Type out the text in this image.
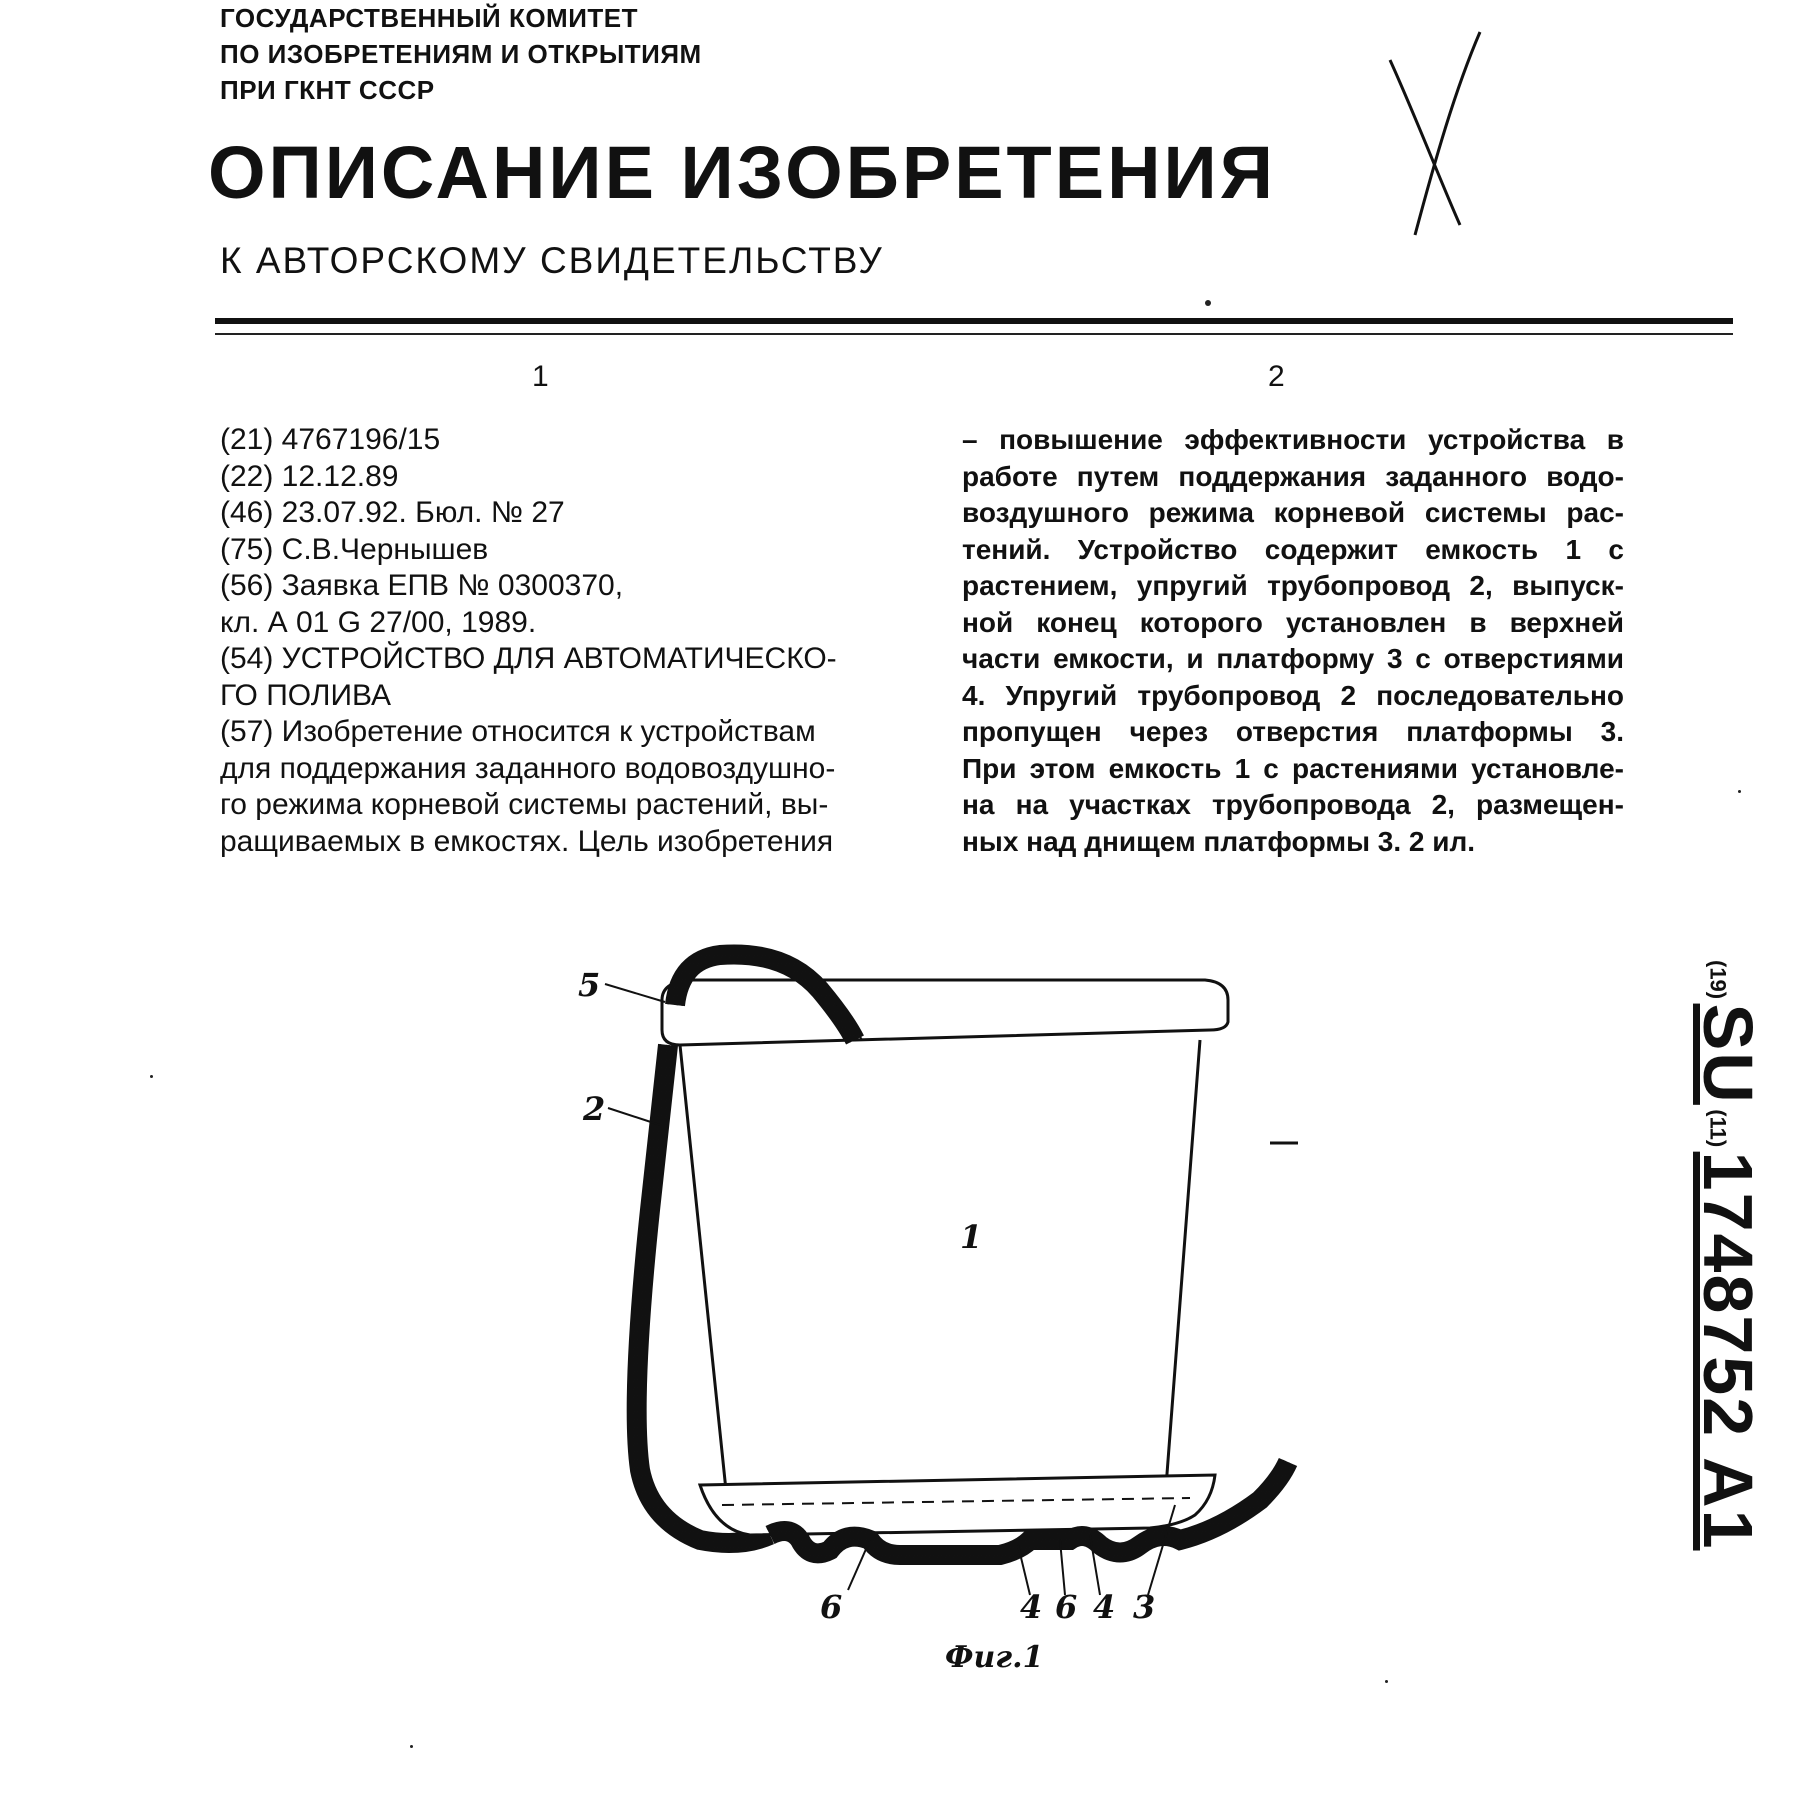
ГОСУДАРСТВЕННЫЙ КОМИТЕТ
ПО ИЗОБРЕТЕНИЯМ И ОТКРЫТИЯМ
ПРИ ГКНТ СССР
ОПИСАНИЕ ИЗОБРЕТЕНИЯ
К АВТОРСКОМУ СВИДЕТЕЛЬСТВУ
1	2
(21) 4767196/15
(22) 12.12.89
(46) 23.07.92. Бюл. № 27
(75) С.В.Чернышев
(56) Заявка ЕПВ № 0300370,
кл. А 01 G 27/00, 1989.
(54) УСТРОЙСТВО ДЛЯ АВТОМАТИЧЕСКО-
ГО ПОЛИВА
(57) Изобретение относится к устройствам
для поддержания заданного водовоздушно-
го режима корневой системы растений, вы-
ращиваемых в емкостях. Цель изобретения
– повышение эффективности устройства в
работе путем поддержания заданного водо-
воздушного режима корневой системы рас-
тений. Устройство содержит емкость 1 с
растением, упругий трубопровод 2, выпуск-
ной конец которого установлен в верхней
части емкости, и платформу 3 с отверстиями
4. Упругий трубопровод 2 последовательно
пропущен через отверстия платформы 3.
При этом емкость 1 с растениями установле-
на на участках трубопровода 2, размещен-
ных над днищем платформы 3. 2 ил.
5
2
1
6	4 6 4 3
Фиг.1
(19) SU (11) 1748752 A1
